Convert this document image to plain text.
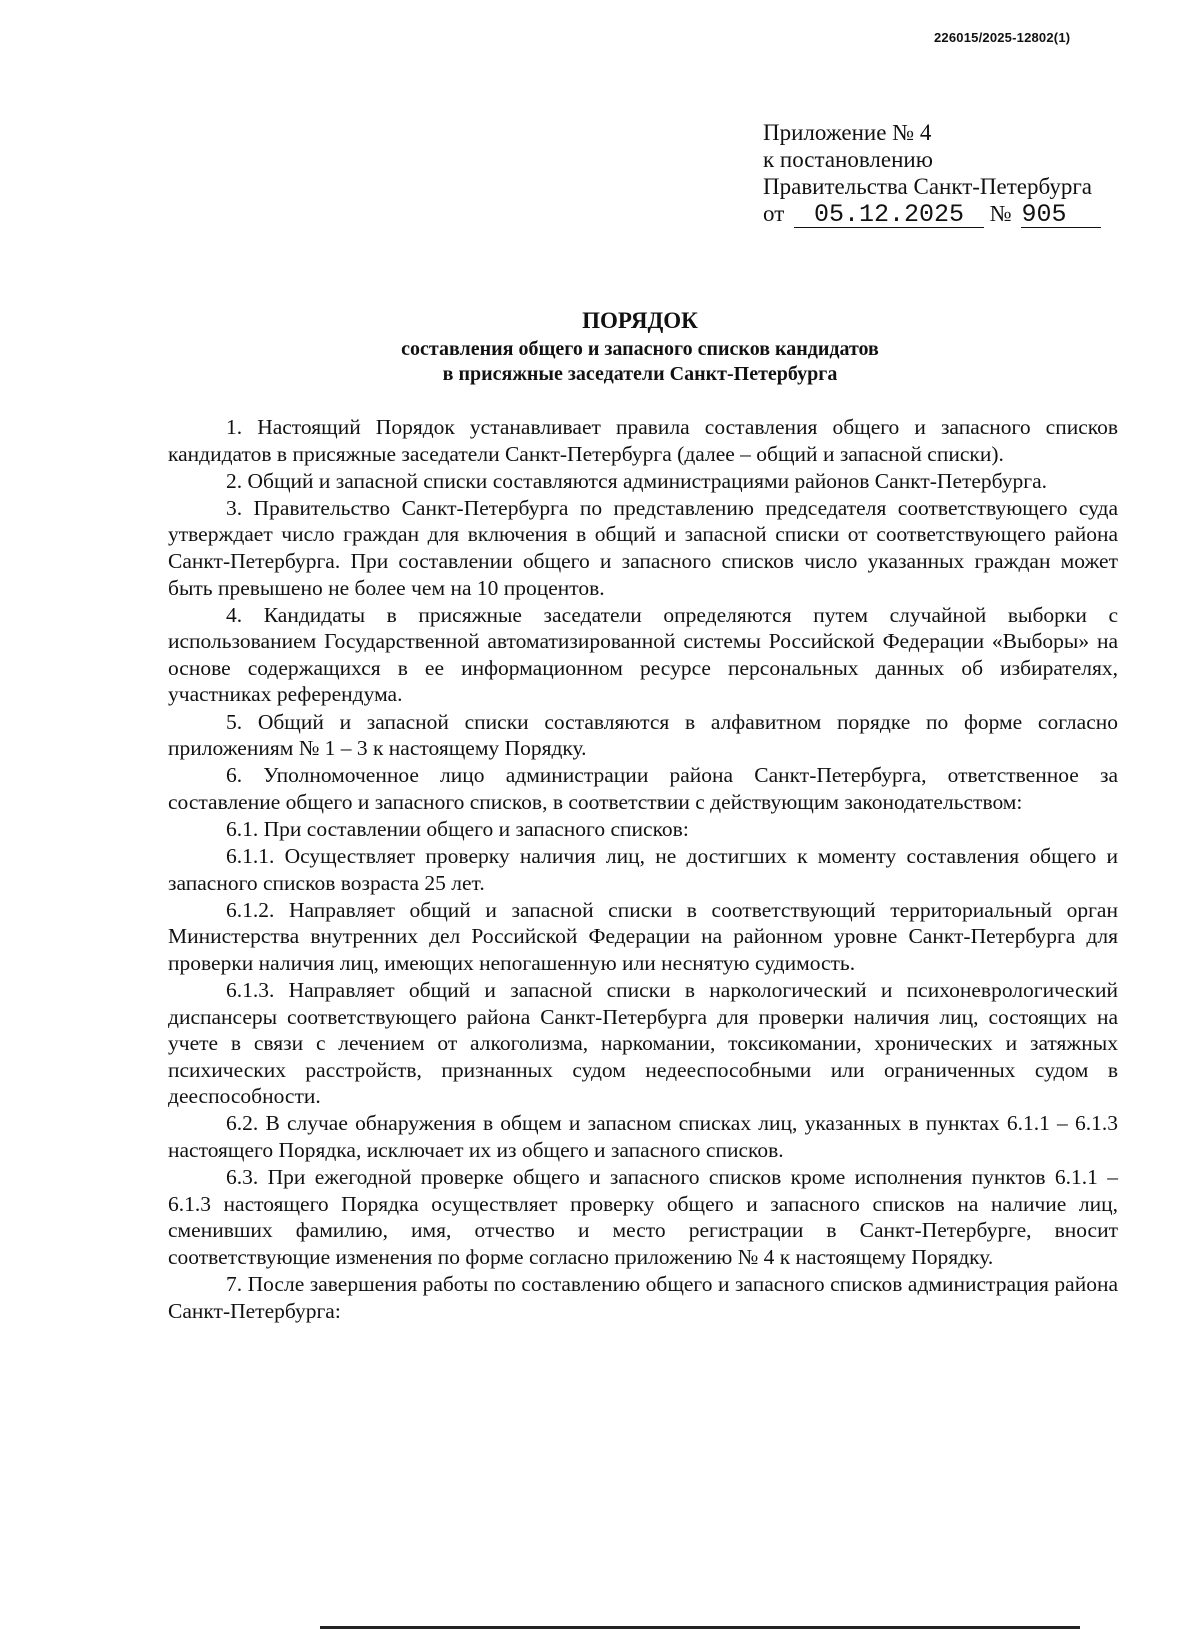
226015/2025-12802(1)
Приложение № 4
к постановлению
Правительства Санкт-Петербурга
от 05.12.2025 № 905
ПОРЯДОК
составления общего и запасного списков кандидатов
в присяжные заседатели Санкт-Петербурга

1. Настоящий Порядок устанавливает правила составления общего и запасного списков кандидатов в присяжные заседатели Санкт-Петербурга (далее – общий и запасной списки).

2. Общий и запасной списки составляются администрациями районов Санкт-Петербурга.

3. Правительство Санкт-Петербурга по представлению председателя соответствующего суда утверждает число граждан для включения в общий и запасной списки от соответствующего района Санкт-Петербурга. При составлении общего и запасного списков число указанных граждан может быть превышено не более чем на 10 процентов.

4. Кандидаты в присяжные заседатели определяются путем случайной выборки с использованием Государственной автоматизированной системы Российской Федерации «Выборы» на основе содержащихся в ее информационном ресурсе персональных данных об избирателях, участниках референдума.

5. Общий и запасной списки составляются в алфавитном порядке по форме согласно приложениям № 1 – 3 к настоящему Порядку.

6. Уполномоченное лицо администрации района Санкт-Петербурга, ответственное за составление общего и запасного списков, в соответствии с действующим законодательством:

6.1. При составлении общего и запасного списков:

6.1.1. Осуществляет проверку наличия лиц, не достигших к моменту составления общего и запасного списков возраста 25 лет.

6.1.2. Направляет общий и запасной списки в соответствующий территориальный орган Министерства внутренних дел Российской Федерации на районном уровне Санкт-Петербурга для проверки наличия лиц, имеющих непогашенную или неснятую судимость.

6.1.3. Направляет общий и запасной списки в наркологический и психоневрологический диспансеры соответствующего района Санкт-Петербурга для проверки наличия лиц, состоящих на учете в связи с лечением от алкоголизма, наркомании, токсикомании, хронических и затяжных психических расстройств, признанных судом недееспособными или ограниченных судом в дееспособности.

6.2. В случае обнаружения в общем и запасном списках лиц, указанных в пунктах 6.1.1 – 6.1.3 настоящего Порядка, исключает их из общего и запасного списков.

6.3. При ежегодной проверке общего и запасного списков кроме исполнения пунктов 6.1.1 – 6.1.3 настоящего Порядка осуществляет проверку общего и запасного списков на наличие лиц, сменивших фамилию, имя, отчество и место регистрации в Санкт-Петербурге, вносит соответствующие изменения по форме согласно приложению № 4 к настоящему Порядку.

7. После завершения работы по составлению общего и запасного списков администрация района Санкт-Петербурга:
